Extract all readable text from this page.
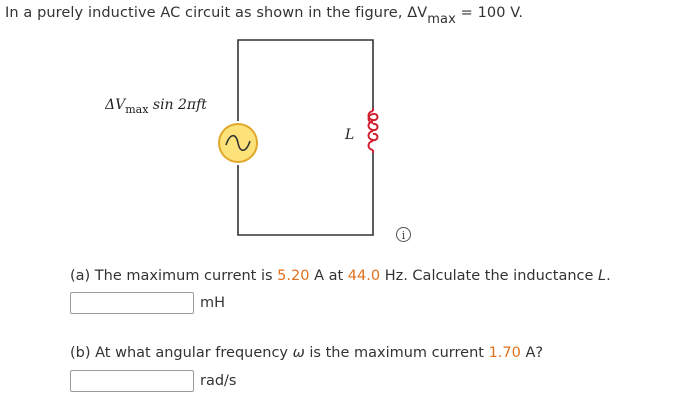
In a purely inductive AC circuit as shown in the figure, ΔVmax = 100 V.
$\Delta V_{max}$ sin 2πft
L
i
(a) The maximum current is 5.20 A at 44.0 Hz. Calculate the inductance L.
mH
(b) At what angular frequency ω is the maximum current 1.70 A?
rad/s
